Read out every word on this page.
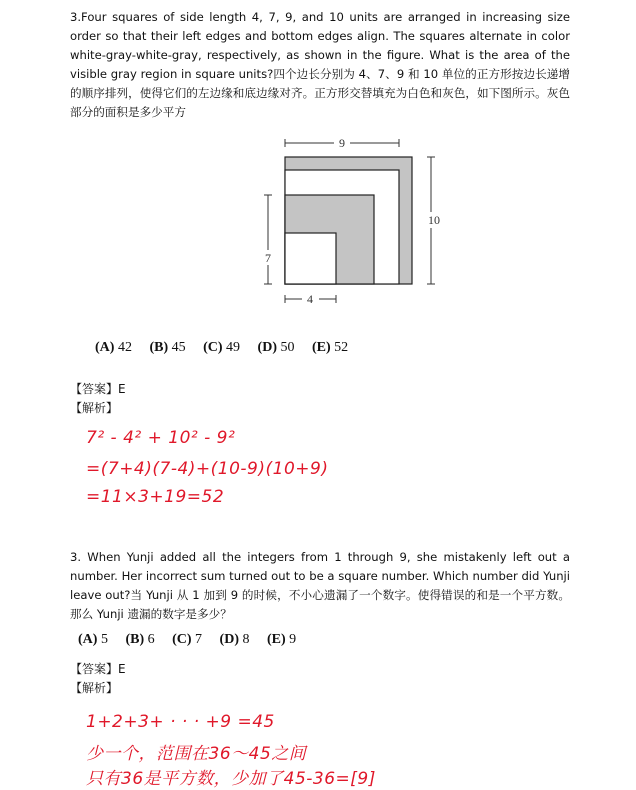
3.Four squares of side length 4, 7, 9, and 10 units are arranged in increasing size order so that their left edges and bottom edges align. The squares alternate in color white-gray-white-gray, respectively, as shown in the figure. What is the area of the visible gray region in square units?四个边长分别为 4、7、9 和 10 单位的正方形按边长递增的顺序排列，使得它们的左边缘和底边缘对齐。正方形交替填充为白色和灰色，如下图所示。灰色部分的面积是多少平方
9
10
7
4
(A) 42 (B) 45 (C) 49 (D) 50 (E) 52
【答案】E
【解析】
7² - 4² + 10² - 9²
=(7+4)(7-4)+(10-9)(10+9)
=11×3+19=52
3. When Yunji added all the integers from 1 through 9, she mistakenly left out a number. Her incorrect sum turned out to be a square number. Which number did Yunji leave out?当 Yunji 从 1 加到 9 的时候，不小心遗漏了一个数字。使得错误的和是一个平方数。那么 Yunji 遗漏的数字是多少？
(A) 5 (B) 6 (C) 7 (D) 8 (E) 9
【答案】E
【解析】
1+2+3+ · · · +9 =45
少一个，范围在36～45之间
只有36是平方数，少加了45-36=[9]
